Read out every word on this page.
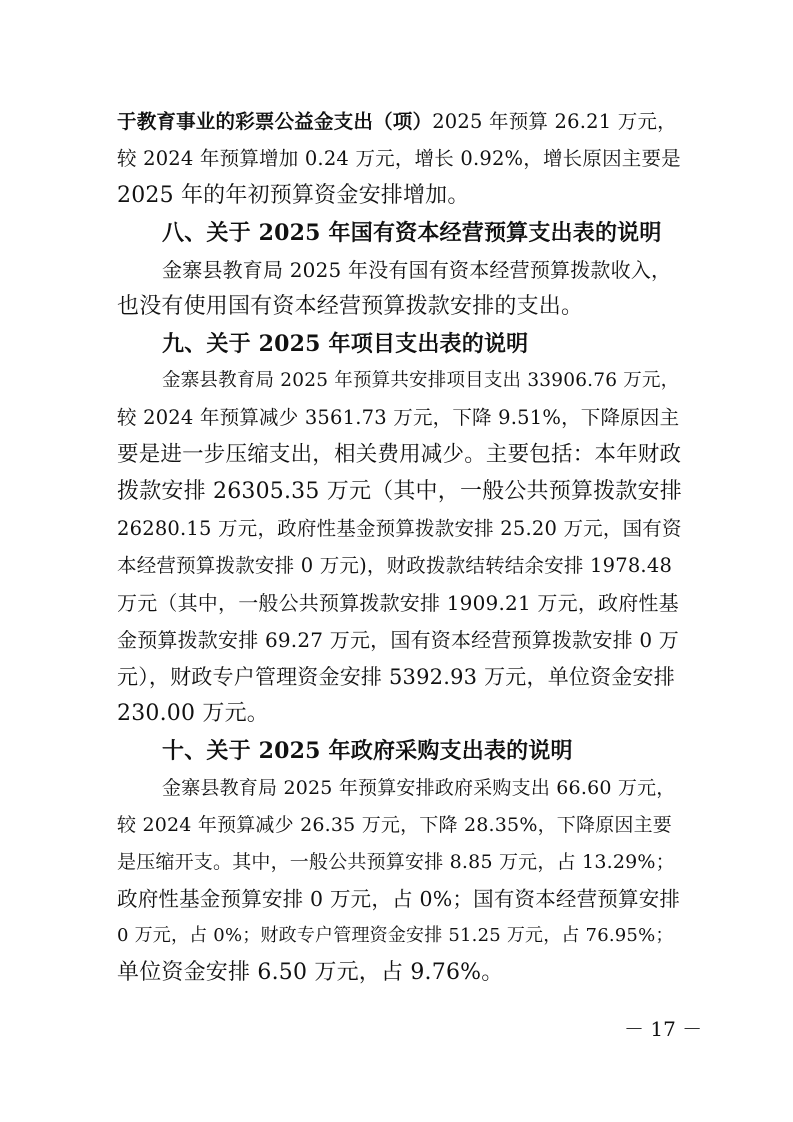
于教育事业的彩票公益金支出（项）2025 年预算 26.21 万元，
较 2024 年预算增加 0.24 万元，增长 0.92%，增长原因主要是
2025 年的年初预算资金安排增加。
八、关于 2025 年国有资本经营预算支出表的说明
金寨县教育局 2025 年没有国有资本经营预算拨款收入，
也没有使用国有资本经营预算拨款安排的支出。
九、关于 2025 年项目支出表的说明
金寨县教育局 2025 年预算共安排项目支出 33906.76 万元，
较 2024 年预算减少 3561.73 万元，下降 9.51%，下降原因主
要是进一步压缩支出，相关费用减少。主要包括：本年财政
拨款安排 26305.35 万元（其中，一般公共预算拨款安排
26280.15 万元，政府性基金预算拨款安排 25.20 万元，国有资
本经营预算拨款安排 0 万元)，财政拨款结转结余安排 1978.48
万元（其中，一般公共预算拨款安排 1909.21 万元，政府性基
金预算拨款安排 69.27 万元，国有资本经营预算拨款安排 0 万
元），财政专户管理资金安排 5392.93 万元，单位资金安排
230.00 万元。
十、关于 2025 年政府采购支出表的说明
金寨县教育局 2025 年预算安排政府采购支出 66.60 万元，
较 2024 年预算减少 26.35 万元，下降 28.35%，下降原因主要
是压缩开支。其中，一般公共预算安排 8.85 万元，占 13.29%；
政府性基金预算安排 0 万元，占 0%；国有资本经营预算安排
0 万元，占 0%；财政专户管理资金安排 51.25 万元，占 76.95%；
单位资金安排 6.50 万元，占 9.76%。
－ 17 －
